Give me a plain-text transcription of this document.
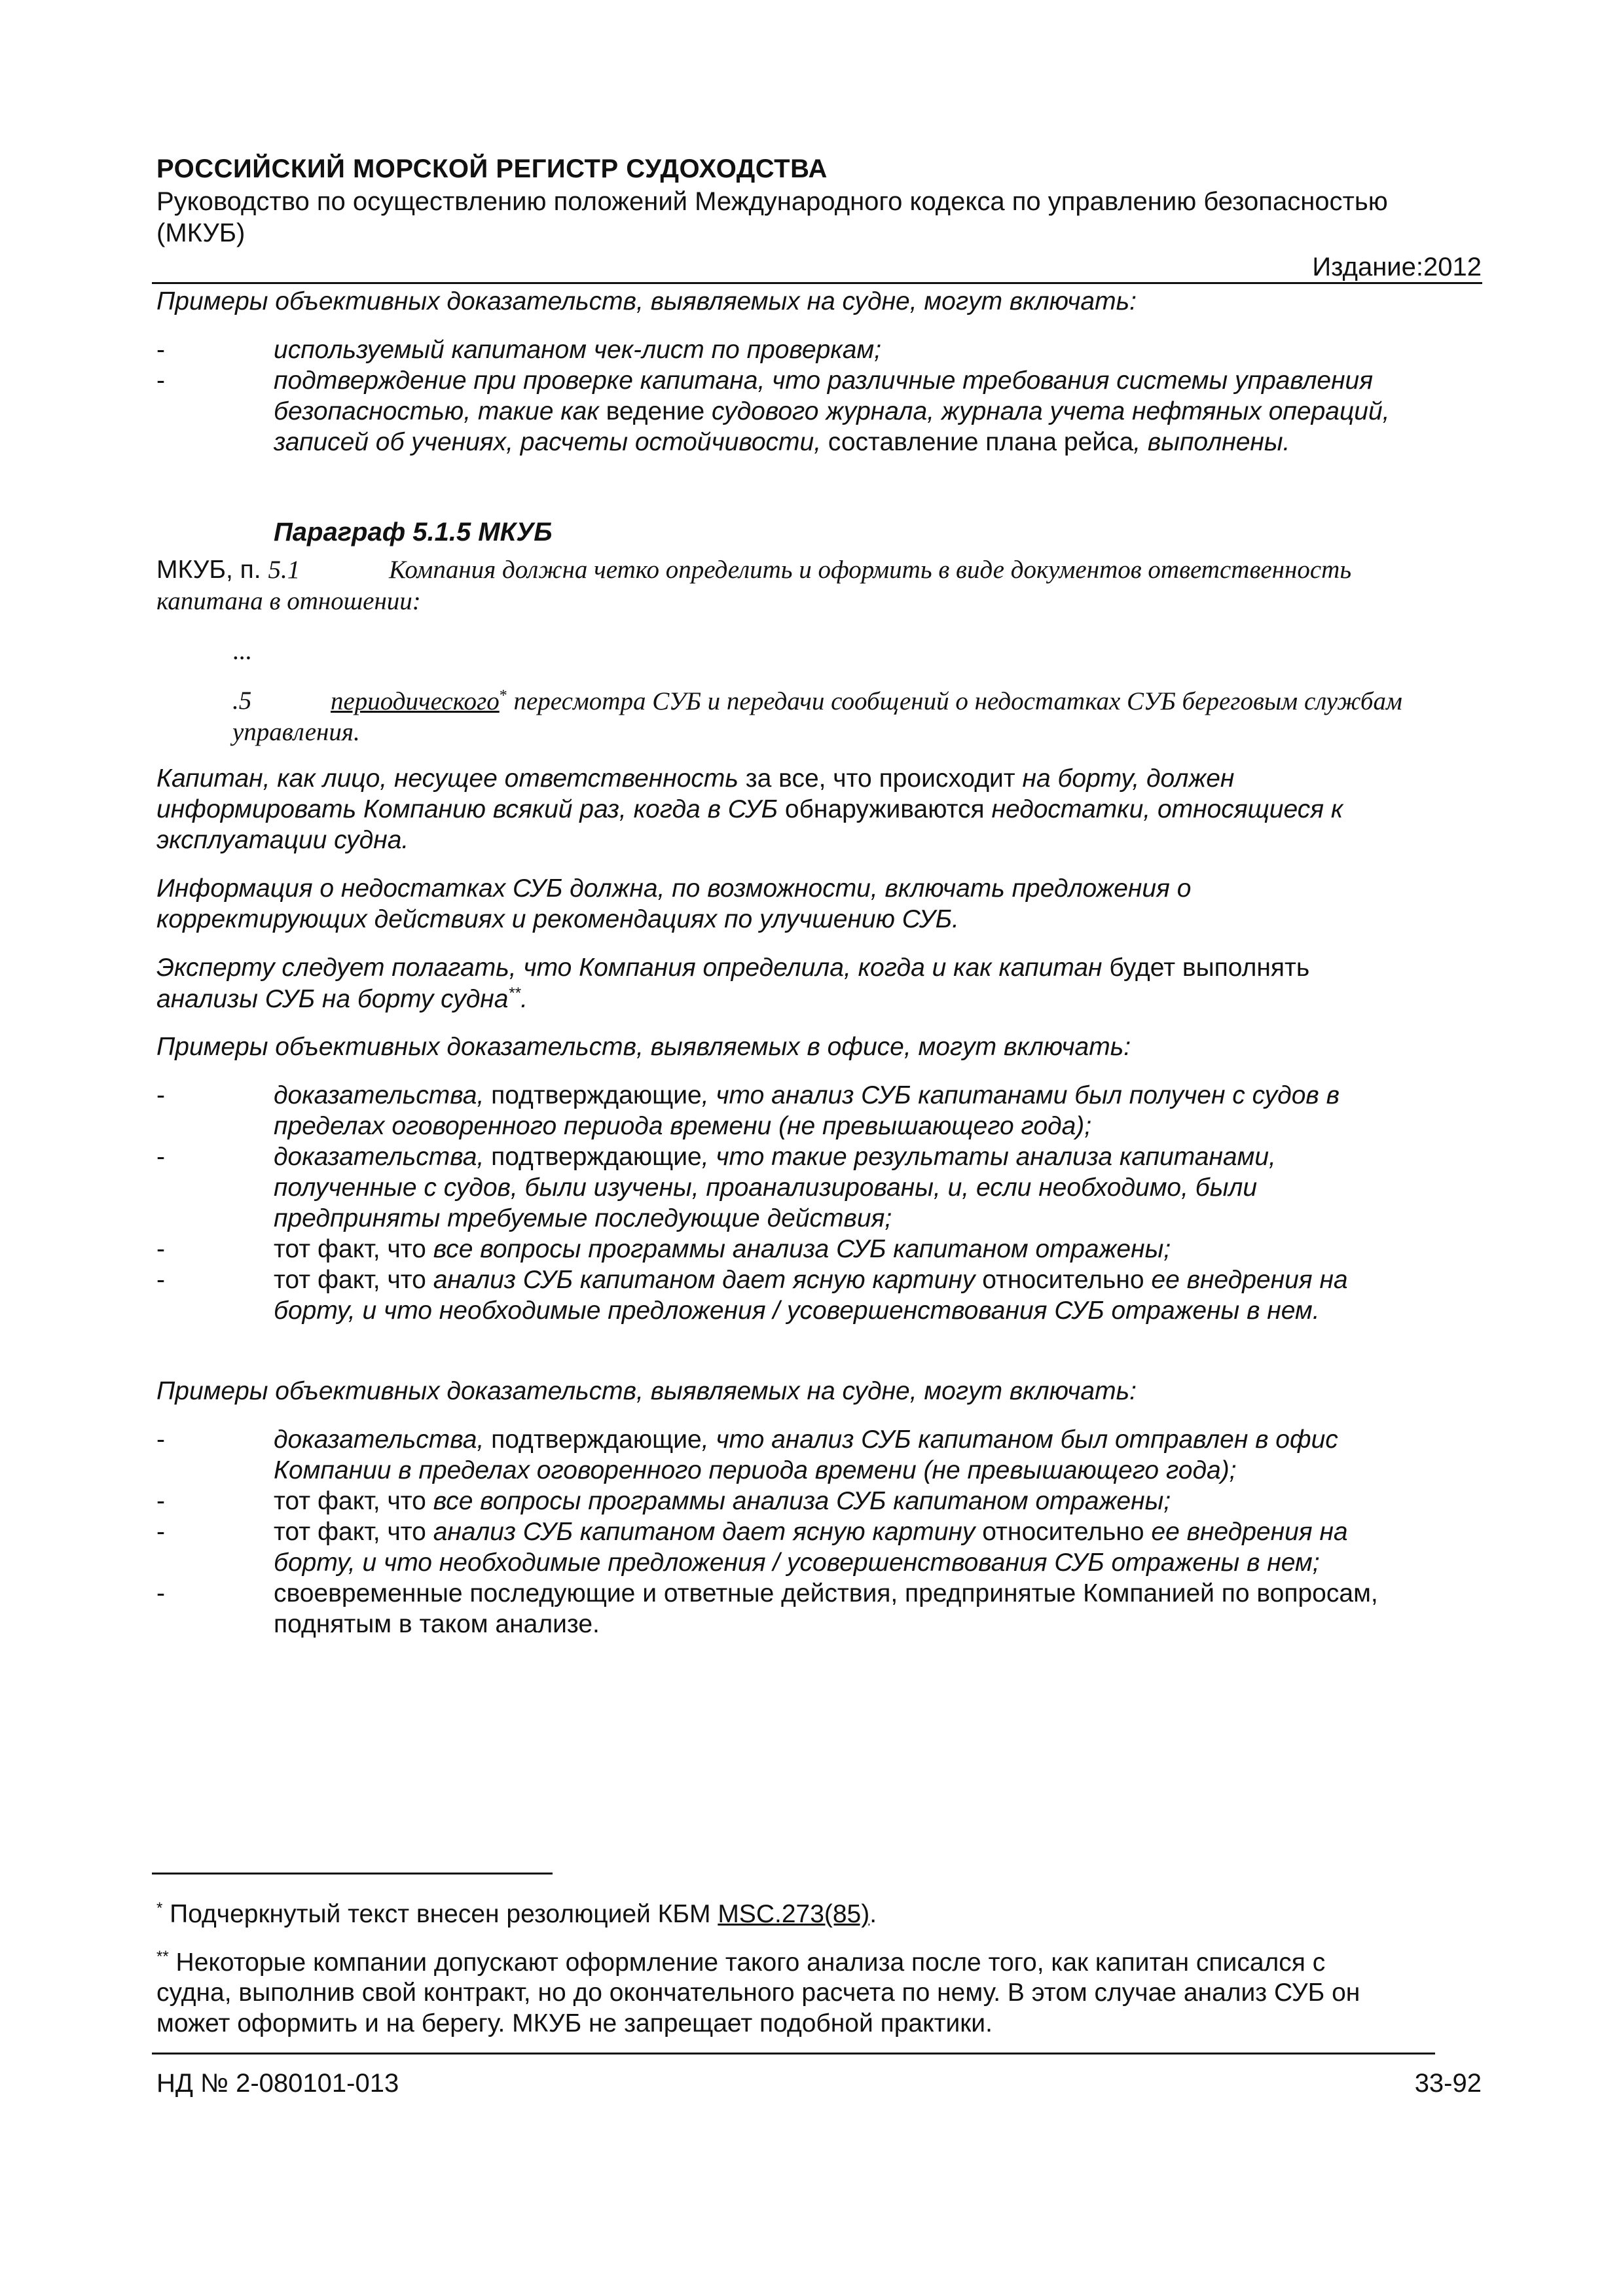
РОССИЙСКИЙ МОРСКОЙ РЕГИСТР СУДОХОДСТВА
Руководство по осуществлению положений Международного кодекса по управлению безопасностью
(МКУБ)
Издание:2012
Примеры объективных доказательств, выявляемых на судне, могут включать:
-	используемый капитаном чек-лист по проверкам;
-	подтверждение при проверке капитана, что различные требования системы управления
безопасностью, такие как ведение судового журнала, журнала учета нефтяных операций,
записей об учениях, расчеты остойчивости, составление плана рейса, выполнены.
Параграф 5.1.5 МКУБ
МКУБ, п. 5.1	Компания должна четко определить и оформить в виде документов ответственность
капитана в отношении:
...
.5	периодического* пересмотра СУБ и передачи сообщений о недостатках СУБ береговым службам
управления.
Капитан, как лицо, несущее ответственность за все, что происходит на борту, должен
информировать Компанию всякий раз, когда в СУБ обнаруживаются недостатки, относящиеся к
эксплуатации судна.
Информация о недостатках СУБ должна, по возможности, включать предложения о
корректирующих действиях и рекомендациях по улучшению СУБ.
Эксперту следует полагать, что Компания определила, когда и как капитан будет выполнять
анализы СУБ на борту судна**.
Примеры объективных доказательств, выявляемых в офисе, могут включать:
-	доказательства, подтверждающие, что анализ СУБ капитанами был получен с судов в
пределах оговоренного периода времени (не превышающего года);
-	доказательства, подтверждающие, что такие результаты анализа капитанами,
полученные с судов, были изучены, проанализированы, и, если необходимо, были
предприняты требуемые последующие действия;
-	тот факт, что все вопросы программы анализа СУБ капитаном отражены;
-	тот факт, что анализ СУБ капитаном дает ясную картину относительно ее внедрения на
борту, и что необходимые предложения / усовершенствования СУБ отражены в нем.
Примеры объективных доказательств, выявляемых на судне, могут включать:
-	доказательства, подтверждающие, что анализ СУБ капитаном был отправлен в офис
Компании в пределах оговоренного периода времени (не превышающего года);
-	тот факт, что все вопросы программы анализа СУБ капитаном отражены;
-	тот факт, что анализ СУБ капитаном дает ясную картину относительно ее внедрения на
борту, и что необходимые предложения / усовершенствования СУБ отражены в нем;
-	своевременные последующие и ответные действия, предпринятые Компанией по вопросам,
поднятым в таком анализе.
* Подчеркнутый текст внесен резолюцией КБМ MSC.273(85).
** Некоторые компании допускают оформление такого анализа после того, как капитан списался с
судна, выполнив свой контракт, но до окончательного расчета по нему. В этом случае анализ СУБ он
может оформить и на берегу. МКУБ не запрещает подобной практики.
НД № 2-080101-013	33-92
